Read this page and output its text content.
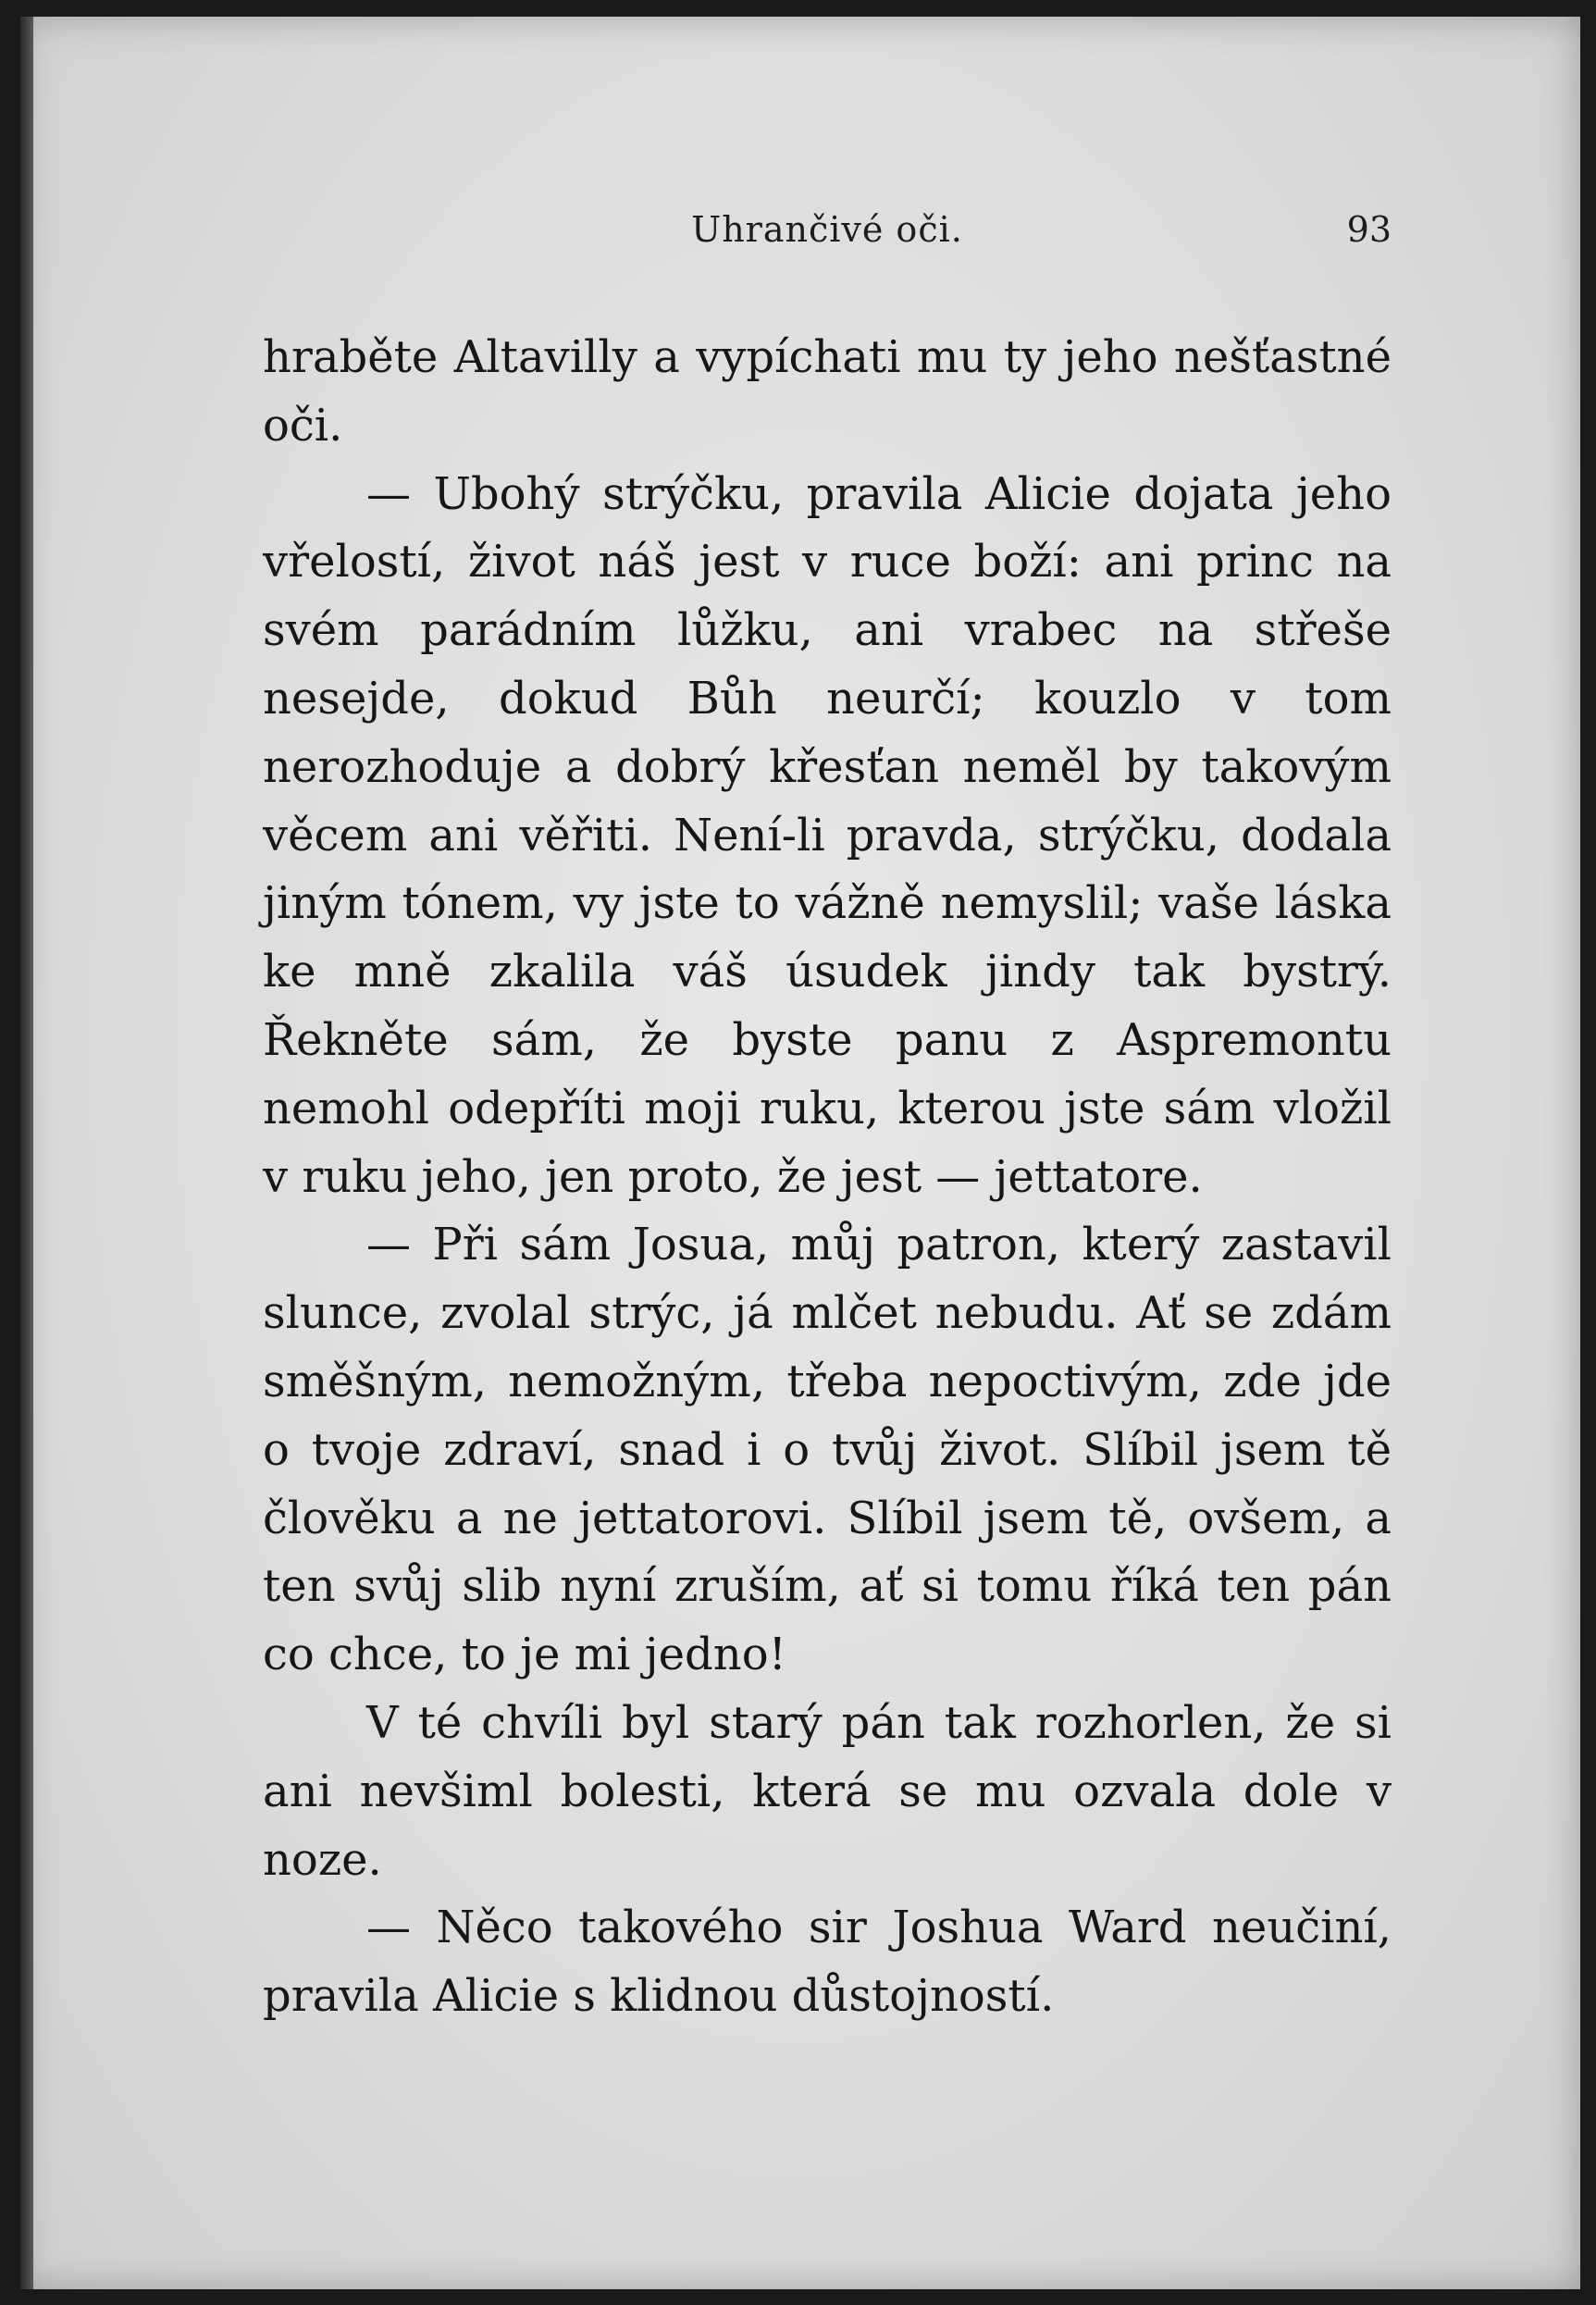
Uhrančivé oči.	93

hraběte Altavilly a vypíchati mu ty jeho nešťastné oči.

— Ubohý strýčku, pravila Alicie dojata jeho vřelostí, život náš jest v ruce boží: ani princ na svém parádním lůžku, ani vrabec na střeše nesejde, dokud Bůh neurčí; kouzlo v tom nerozhoduje a dobrý křesťan neměl by takovým věcem ani věřiti. Není-li pravda, strýčku, dodala jiným tónem, vy jste to vážně nemyslil; vaše láska ke mně zkalila váš úsudek jindy tak bystrý. Řekněte sám, že byste panu z Aspremontu nemohl odepříti moji ruku, kterou jste sám vložil v ruku jeho, jen proto, že jest — jettatore.

— Při sám Josua, můj patron, který zastavil slunce, zvolal strýc, já mlčet nebudu. Ať se zdám směšným, nemožným, třeba nepoctivým, zde jde o tvoje zdraví, snad i o tvůj život. Slíbil jsem tě člověku a ne jettatorovi. Slíbil jsem tě, ovšem, a ten svůj slib nyní zruším, ať si tomu říká ten pán co chce, to je mi jedno!

V té chvíli byl starý pán tak rozhorlen, že si ani nevšiml bolesti, která se mu ozvala dole v noze.

— Něco takového sir Joshua Ward neučiní, pravila Alicie s klidnou důstojností.
